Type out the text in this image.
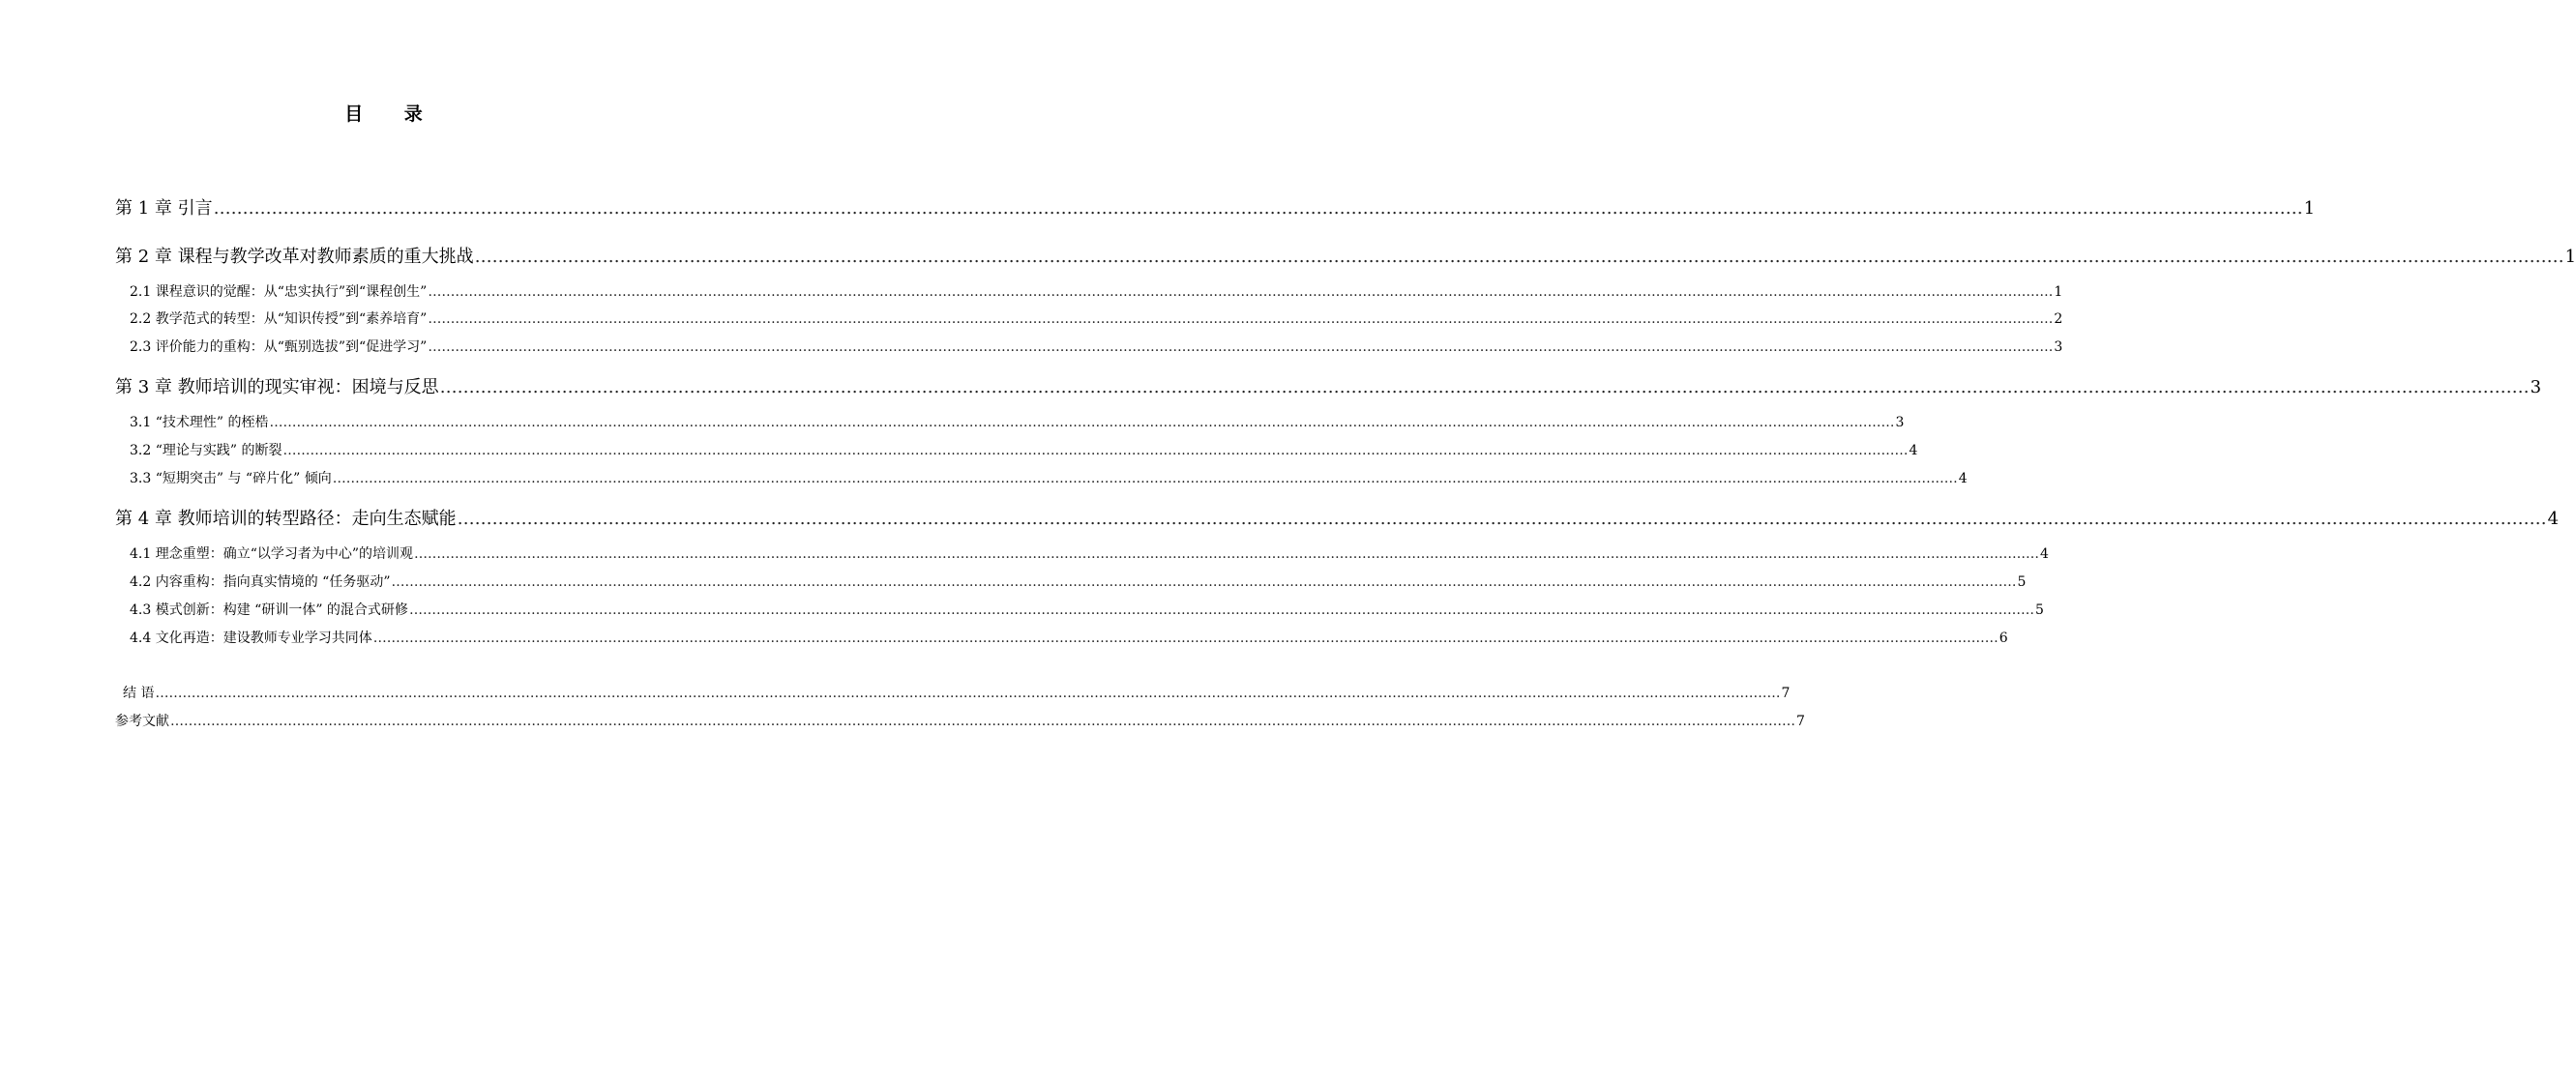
目 录
第 1 章 引言 ……………………………………………………………………………………………………………………………………………………………………………………………………………………………………………………………………………………………………………………………… 1
第 2 章 课程与教学改革对教师素质的重大挑战 ……………………………………………………………………………………………………………………………………………………………………………………………………………………………………………………………………………………………………………………………… 1
2.1 课程意识的觉醒：从“忠实执行”到“课程创生” ……………………………………………………………………………………………………………………………………………………………………………………………………………………………………………………………………………………………………………………………… 1
2.2 教学范式的转型：从“知识传授”到“素养培育” ……………………………………………………………………………………………………………………………………………………………………………………………………………………………………………………………………………………………………………………………… 2
2.3 评价能力的重构：从“甄别选拔”到“促进学习” ……………………………………………………………………………………………………………………………………………………………………………………………………………………………………………………………………………………………………………………………… 3
第 3 章 教师培训的现实审视：困境与反思 ……………………………………………………………………………………………………………………………………………………………………………………………………………………………………………………………………………………………………………………………… 3
3.1 “技术理性” 的桎梏 ……………………………………………………………………………………………………………………………………………………………………………………………………………………………………………………………………………………………………………………………… 3
3.2 “理论与实践” 的断裂 ……………………………………………………………………………………………………………………………………………………………………………………………………………………………………………………………………………………………………………………………… 4
3.3 “短期突击” 与 “碎片化” 倾向 ……………………………………………………………………………………………………………………………………………………………………………………………………………………………………………………………………………………………………………………………… 4
第 4 章 教师培训的转型路径：走向生态赋能 ……………………………………………………………………………………………………………………………………………………………………………………………………………………………………………………………………………………………………………………………… 4
4.1 理念重塑：确立“以学习者为中心”的培训观 ……………………………………………………………………………………………………………………………………………………………………………………………………………………………………………………………………………………………………………………………… 4
4.2 内容重构：指向真实情境的 “任务驱动” ……………………………………………………………………………………………………………………………………………………………………………………………………………………………………………………………………………………………………………………………… 5
4.3 模式创新：构建 “研训一体” 的混合式研修 ……………………………………………………………………………………………………………………………………………………………………………………………………………………………………………………………………………………………………………………………… 5
4.4 文化再造：建设教师专业学习共同体 ……………………………………………………………………………………………………………………………………………………………………………………………………………………………………………………………………………………………………………………………… 6
结 语 ……………………………………………………………………………………………………………………………………………………………………………………………………………………………………………………………………………………………………………………………… 7
参考文献 ……………………………………………………………………………………………………………………………………………………………………………………………………………………………………………………………………………………………………………………………… 7
